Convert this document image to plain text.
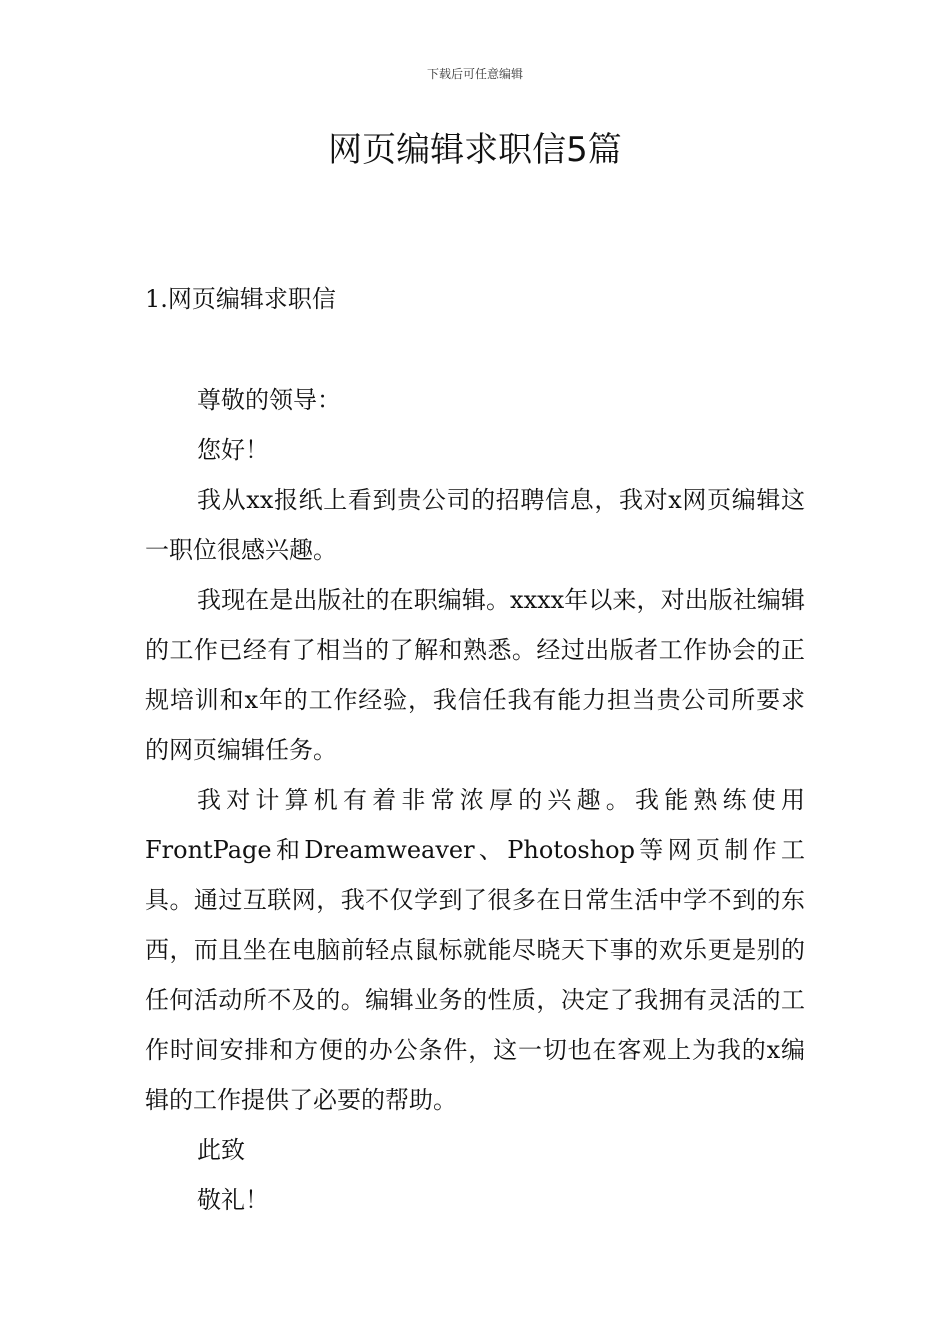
下载后可任意编辑
网页编辑求职信5篇
1.网页编辑求职信

尊敬的领导：

您好！

我从xx报纸上看到贵公司的招聘信息，我对x网页编辑这一职位很感兴趣。

我现在是出版社的在职编辑。xxxx年以来，对出版社编辑的工作已经有了相当的了解和熟悉。经过出版者工作协会的正规培训和x年的工作经验，我信任我有能力担当贵公司所要求的网页编辑任务。

我对计算机有着非常浓厚的兴趣。我能熟练使用FrontPage和Dreamweaver、Photoshop等网页制作工具。通过互联网，我不仅学到了很多在日常生活中学不到的东西，而且坐在电脑前轻点鼠标就能尽晓天下事的欢乐更是别的任何活动所不及的。编辑业务的性质，决定了我拥有灵活的工作时间安排和方便的办公条件，这一切也在客观上为我的x编辑的工作提供了必要的帮助。

此致

敬礼！
